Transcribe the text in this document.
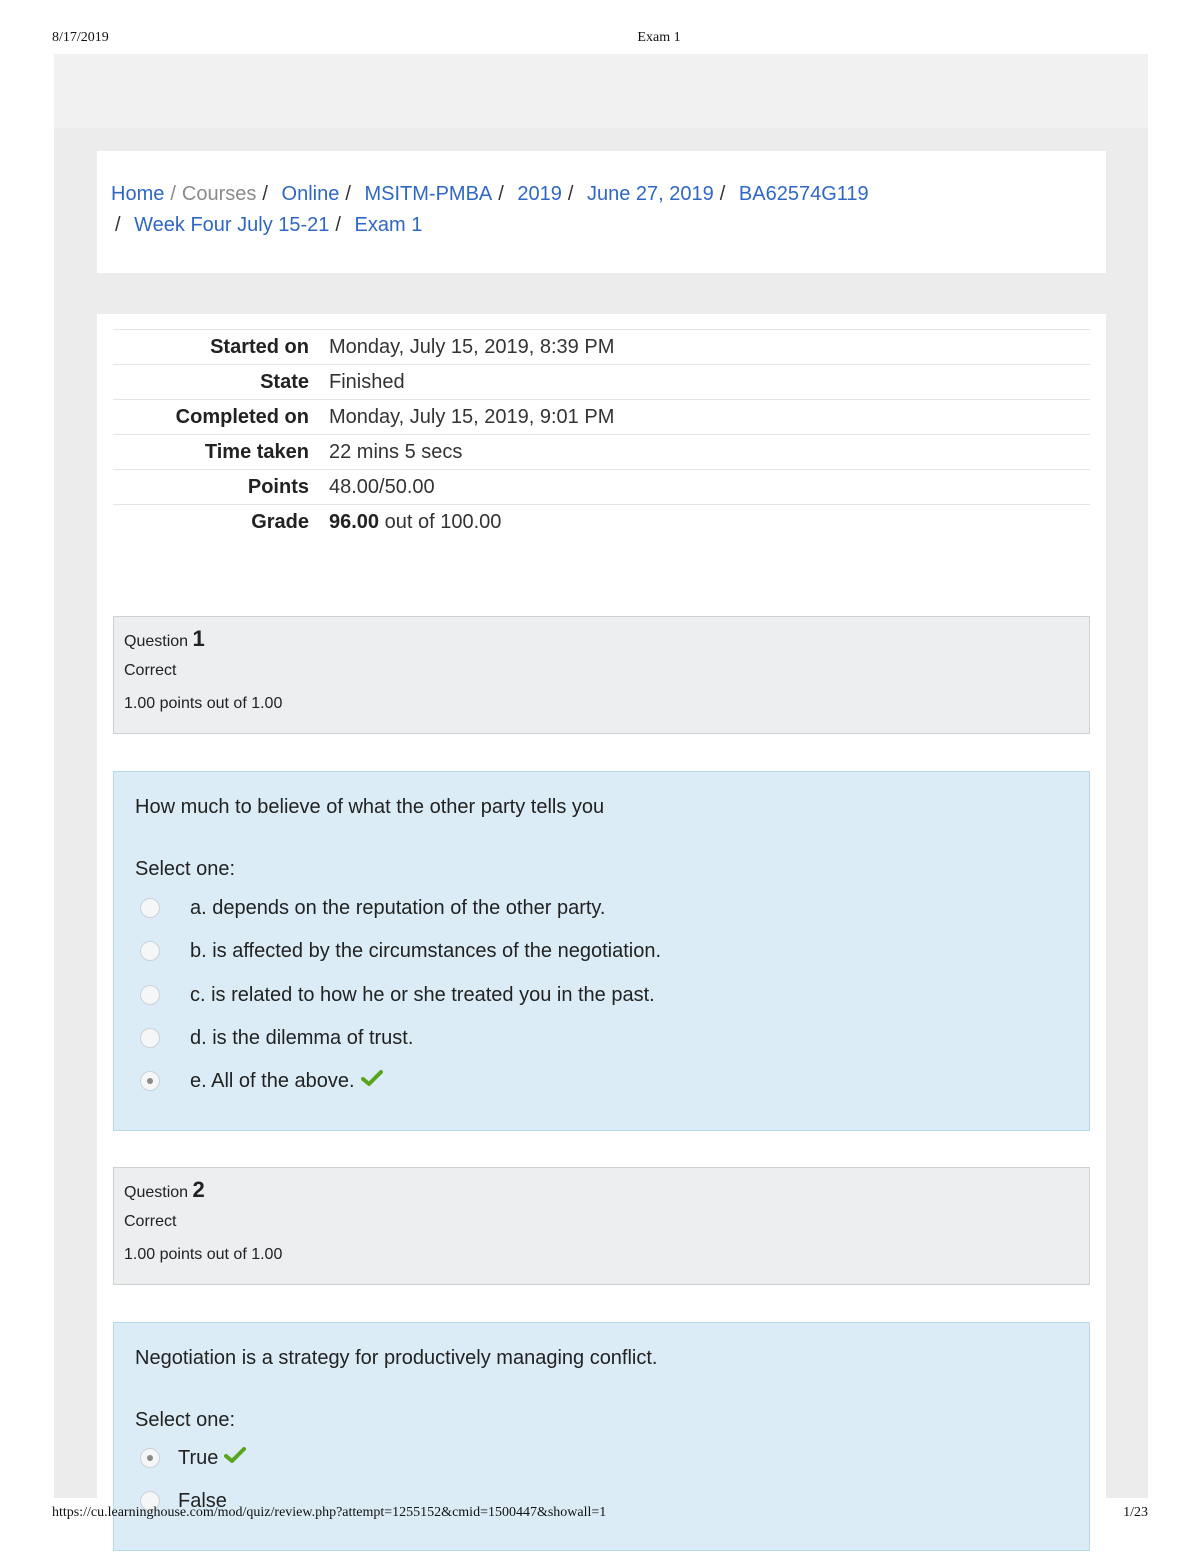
8/17/2019	Exam 1
Home / Courses / Online / MSITM-PMBA / 2019 / June 27, 2019 / BA62574G119
/ Week Four July 15-21 / Exam 1
Started on	Monday, July 15, 2019, 8:39 PM
State	Finished
Completed on	Monday, July 15, 2019, 9:01 PM
Time taken	22 mins 5 secs
Points	48.00/50.00
Grade	96.00 out of 100.00
Question 1
Correct
1.00 points out of 1.00
How much to believe of what the other party tells you
Select one:
a. depends on the reputation of the other party.
b. is affected by the circumstances of the negotiation.
c. is related to how he or she treated you in the past.
d. is the dilemma of trust.
e. All of the above.
Question 2
Correct
1.00 points out of 1.00
Negotiation is a strategy for productively managing conflict.
Select one:
True
False
https://cu.learninghouse.com/mod/quiz/review.php?attempt=1255152&cmid=1500447&showall=1	1/23
